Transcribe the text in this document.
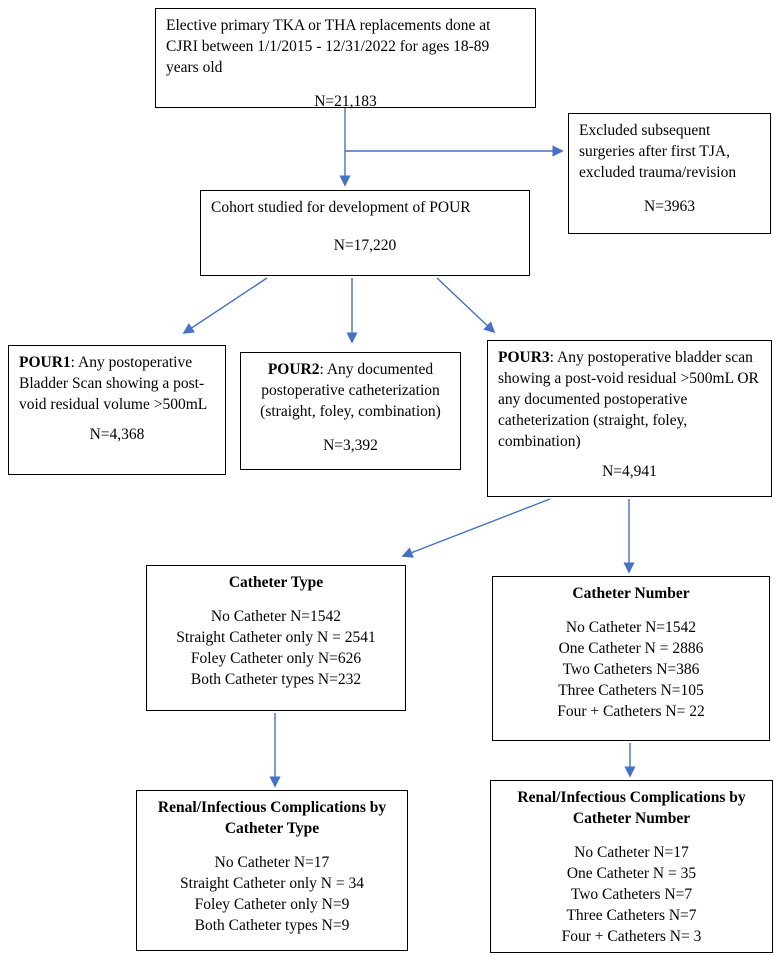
Elective primary TKA or THA replacements done at CJRI between 1/1/2015 - 12/31/2022 for ages 18-89 years old
N=21,183
Excluded subsequent surgeries after first TJA, excluded trauma/revision
N=3963
Cohort studied for development of POUR
N=17,220
POUR1: Any postoperative Bladder Scan showing a post-void residual volume >500mL
N=4,368
POUR2: Any documented postoperative catheterization (straight, foley, combination)
N=3,392
POUR3: Any postoperative bladder scan showing a post-void residual >500mL OR any documented postoperative catheterization (straight, foley, combination)
N=4,941
Catheter Type
No Catheter N=1542
Straight Catheter only N = 2541
Foley Catheter only N=626
Both Catheter types N=232
Catheter Number
No Catheter N=1542
One Catheter N = 2886
Two Catheters N=386
Three Catheters N=105
Four + Catheters N= 22
Renal/Infectious Complications by Catheter Type
No Catheter N=17
Straight Catheter only N = 34
Foley Catheter only N=9
Both Catheter types N=9
Renal/Infectious Complications by Catheter Number
No Catheter N=17
One Catheter N = 35
Two Catheters N=7
Three Catheters N=7
Four + Catheters N= 3
